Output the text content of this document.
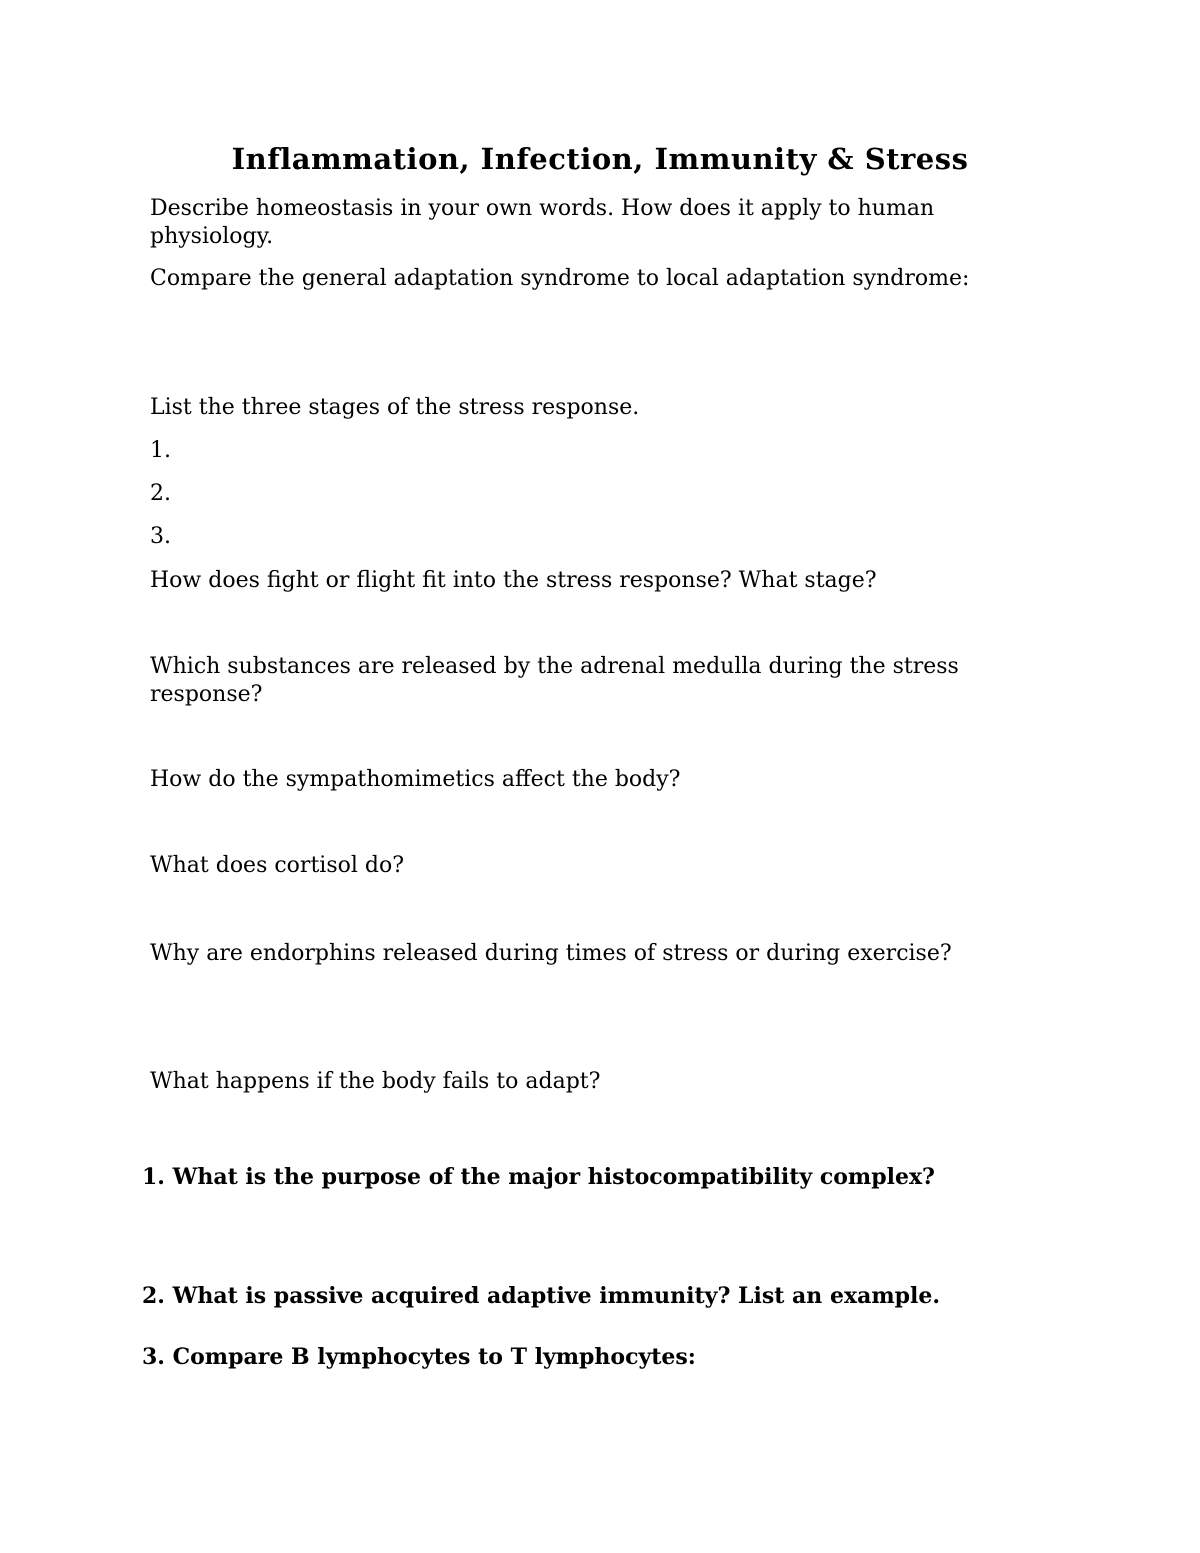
Inflammation, Infection, Immunity & Stress

Describe homeostasis in your own words. How does it apply to human physiology.

Compare the general adaptation syndrome to local adaptation syndrome:

List the three stages of the stress response.

1.

2.

3.

How does fight or flight fit into the stress response? What stage?

Which substances are released by the adrenal medulla during the stress response?

How do the sympathomimetics affect the body?

What does cortisol do?

Why are endorphins released during times of stress or during exercise?

What happens if the body fails to adapt?

1. What is the purpose of the major histocompatibility complex?

2. What is passive acquired adaptive immunity? List an example.

3. Compare B lymphocytes to T lymphocytes:
